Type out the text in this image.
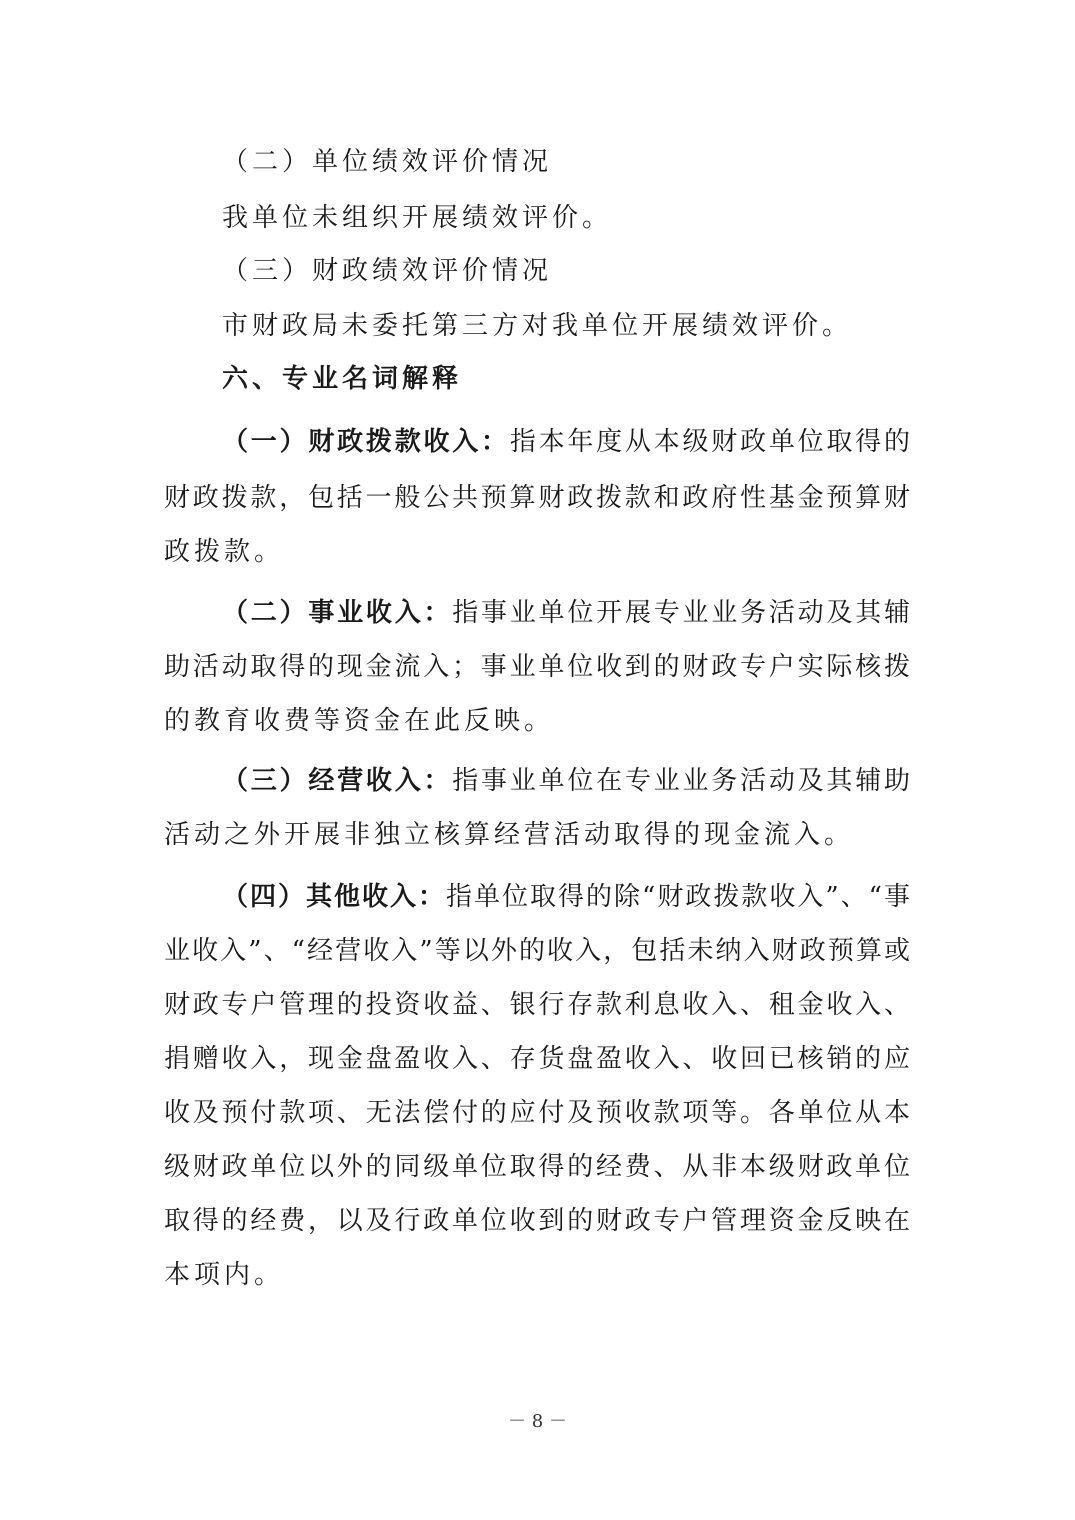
（二）单位绩效评价情况
我单位未组织开展绩效评价。
（三）财政绩效评价情况
市财政局未委托第三方对我单位开展绩效评价。
六、专业名词解释
（一）财政拨款收入：指本年度从本级财政单位取得的
财政拨款，包括一般公共预算财政拨款和政府性基金预算财
政拨款。
（二）事业收入：指事业单位开展专业业务活动及其辅
助活动取得的现金流入；事业单位收到的财政专户实际核拨
的教育收费等资金在此反映。
（三）经营收入：指事业单位在专业业务活动及其辅助
活动之外开展非独立核算经营活动取得的现金流入。
（四）其他收入：指单位取得的除“财政拨款收入”、“事
业收入”、“经营收入”等以外的收入，包括未纳入财政预算或
财政专户管理的投资收益、银行存款利息收入、租金收入、
捐赠收入，现金盘盈收入、存货盘盈收入、收回已核销的应
收及预付款项、无法偿付的应付及预收款项等。各单位从本
级财政单位以外的同级单位取得的经费、从非本级财政单位
取得的经费，以及行政单位收到的财政专户管理资金反映在
本项内。
－ 8 －
